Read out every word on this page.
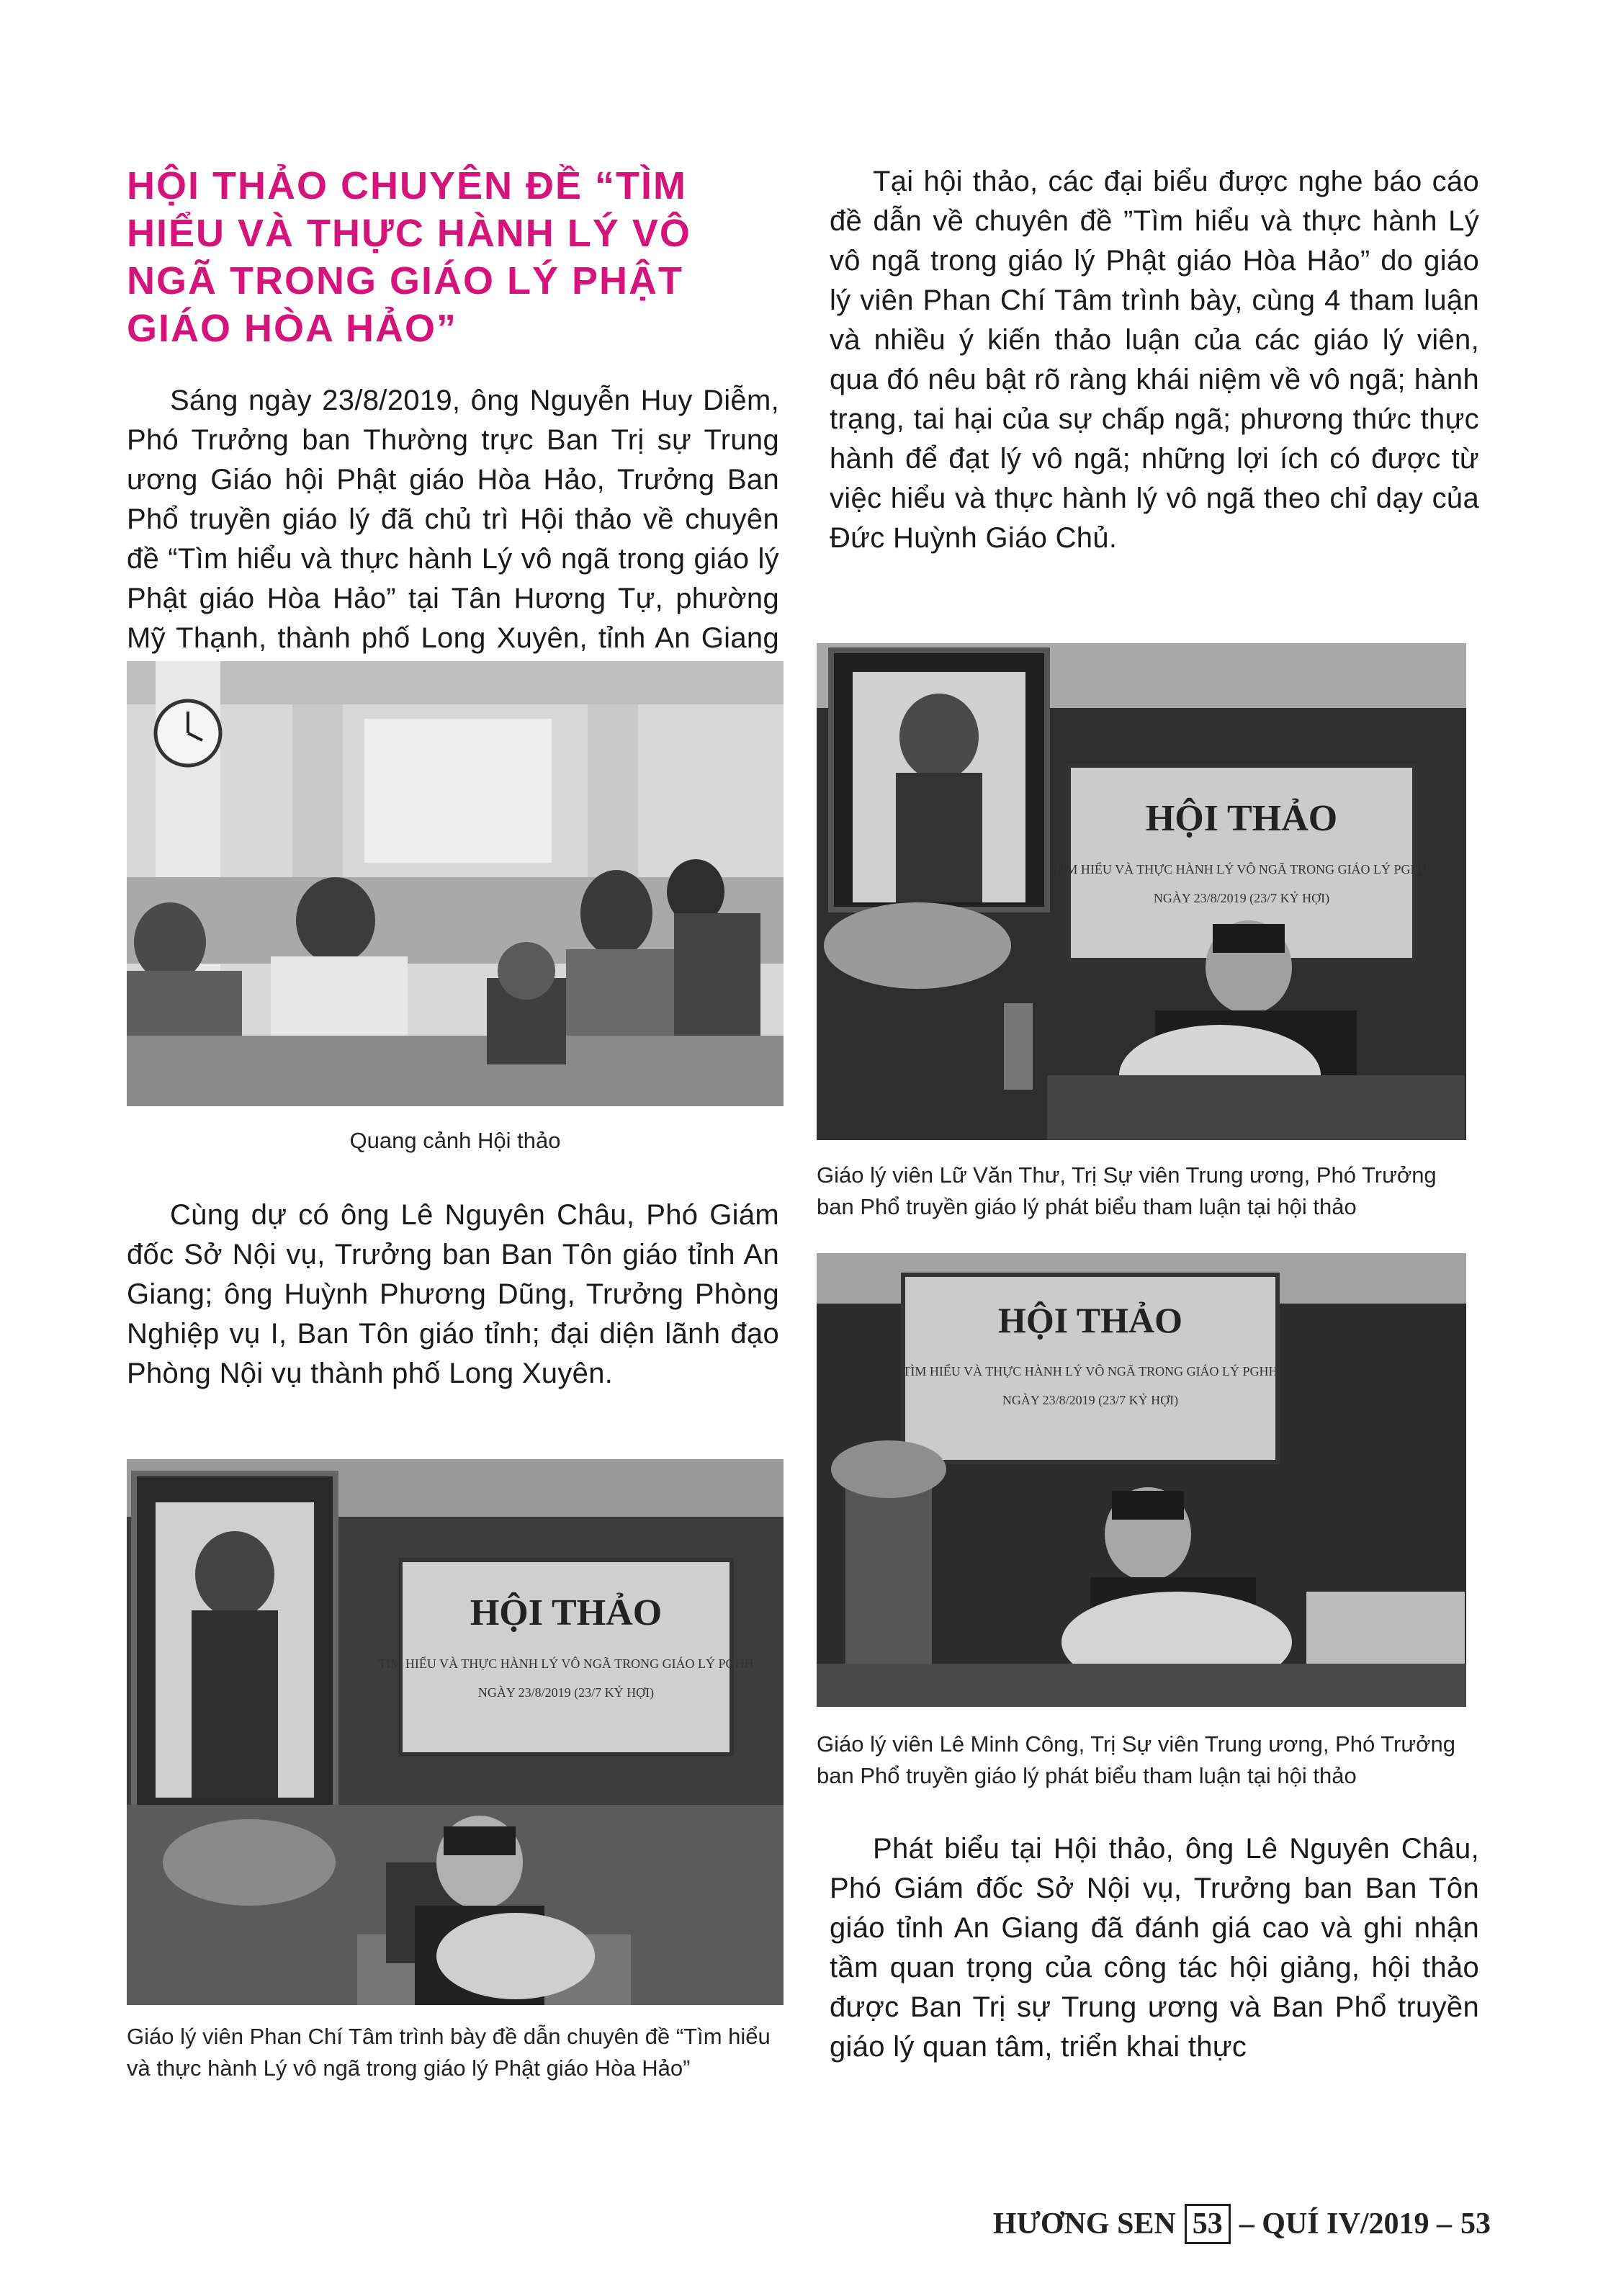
HỘI THẢO CHUYÊN ĐỀ “TÌM HIỂU VÀ THỰC HÀNH LÝ VÔ NGÃ TRONG GIÁO LÝ PHẬT GIÁO HÒA HẢO”

Sáng ngày 23/8/2019, ông Nguyễn Huy Diễm, Phó Trưởng ban Thường trực Ban Trị sự Trung ương Giáo hội Phật giáo Hòa Hảo, Trưởng Ban Phổ truyền giáo lý đã chủ trì Hội thảo về chuyên đề “Tìm hiểu và thực hành Lý vô ngã trong giáo lý Phật giáo Hòa Hảo” tại Tân Hương Tự, phường Mỹ Thạnh, thành phố Long Xuyên, tỉnh An Giang

Quang cảnh Hội thảo

Cùng dự có ông Lê Nguyên Châu, Phó Giám đốc Sở Nội vụ, Trưởng ban Ban Tôn giáo tỉnh An Giang; ông Huỳnh Phương Dũng, Trưởng Phòng Nghiệp vụ I, Ban Tôn giáo tỉnh; đại diện lãnh đạo Phòng Nội vụ thành phố Long Xuyên.

HỘI THẢO
TÌM HIỂU VÀ THỰC HÀNH LÝ VÔ NGÃ TRONG GIÁO LÝ PGHH
NGÀY 23/8/2019 (23/7 KỶ HỢI)
Giáo lý viên Phan Chí Tâm trình bày đề dẫn chuyên đề “Tìm hiểu và thực hành Lý vô ngã trong giáo lý Phật giáo Hòa Hảo”

Tại hội thảo, các đại biểu được nghe báo cáo đề dẫn về chuyên đề ”Tìm hiểu và thực hành Lý vô ngã trong giáo lý Phật giáo Hòa Hảo” do giáo lý viên Phan Chí Tâm trình bày, cùng 4 tham luận và nhiều ý kiến thảo luận của các giáo lý viên, qua đó nêu bật rõ ràng khái niệm về vô ngã; hành trạng, tai hại của sự chấp ngã; phương thức thực hành để đạt lý vô ngã; những lợi ích có được từ việc hiểu và thực hành lý vô ngã theo chỉ dạy của Đức Huỳnh Giáo Chủ.

HỘI THẢO
TÌM HIỂU VÀ THỰC HÀNH LÝ VÔ NGÃ TRONG GIÁO LÝ PGHH
NGÀY 23/8/2019 (23/7 KỶ HỢI)
Giáo lý viên Lữ Văn Thư, Trị Sự viên Trung ương, Phó Trưởng ban Phổ truyền giáo lý phát biểu tham luận tại hội thảo
HỘI THẢO
TÌM HIỂU VÀ THỰC HÀNH LÝ VÔ NGÃ TRONG GIÁO LÝ PGHH
NGÀY 23/8/2019 (23/7 KỶ HỢI)
Giáo lý viên Lê Minh Công, Trị Sự viên Trung ương, Phó Trưởng ban Phổ truyền giáo lý phát biểu tham luận tại hội thảo

Phát biểu tại Hội thảo, ông Lê Nguyên Châu, Phó Giám đốc Sở Nội vụ, Trưởng ban Ban Tôn giáo tỉnh An Giang đã đánh giá cao và ghi nhận tầm quan trọng của công tác hội giảng, hội thảo được Ban Trị sự Trung ương và Ban Phổ truyền giáo lý quan tâm, triển khai thực

HƯƠNG SEN 53 – QUÍ IV/2019 – 53
